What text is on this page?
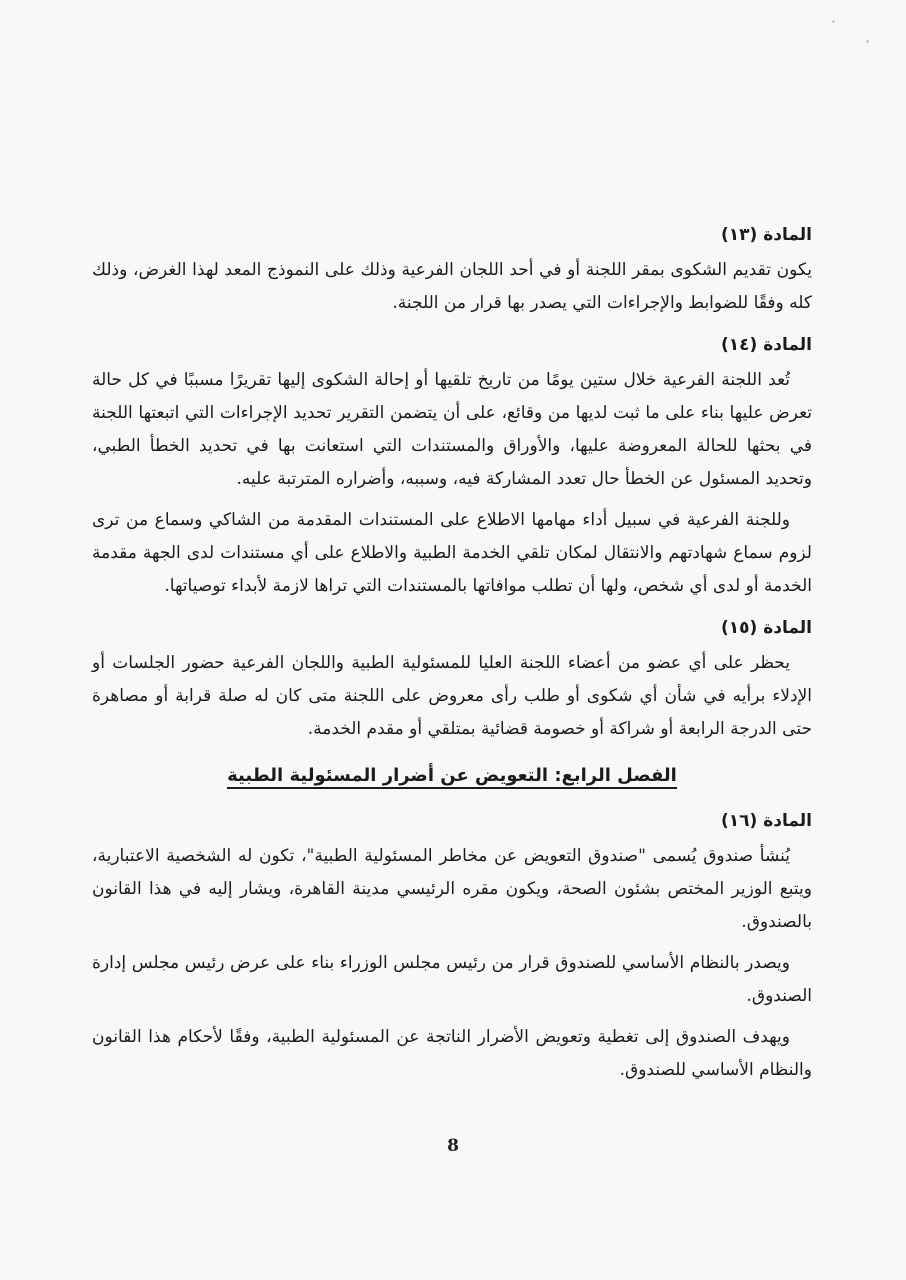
المادة (١٣)

يكون تقديم الشكوى بمقر اللجنة أو في أحد اللجان الفرعية وذلك على النموذج المعد لهذا الغرض، وذلك كله وفقًا للضوابط والإجراءات التي يصدر بها قرار من اللجنة.

المادة (١٤)

تُعد اللجنة الفرعية خلال ستين يومًا من تاريخ تلقيها أو إحالة الشكوى إليها تقريرًا مسببًا في كل حالة تعرض عليها بناء على ما ثبت لديها من وقائع، على أن يتضمن التقرير تحديد الإجراءات التي اتبعتها اللجنة في بحثها للحالة المعروضة عليها، والأوراق والمستندات التي استعانت بها في تحديد الخطأ الطبي، وتحديد المسئول عن الخطأ حال تعدد المشاركة فيه، وسببه، وأضراره المترتبة عليه.

وللجنة الفرعية في سبيل أداء مهامها الاطلاع على المستندات المقدمة من الشاكي وسماع من ترى لزوم سماع شهادتهم والانتقال لمكان تلقي الخدمة الطبية والاطلاع على أي مستندات لدى الجهة مقدمة الخدمة أو لدى أي شخص، ولها أن تطلب موافاتها بالمستندات التي تراها لازمة لأبداء توصياتها.

المادة (١٥)

يحظر على أي عضو من أعضاء اللجنة العليا للمسئولية الطبية واللجان الفرعية حضور الجلسات أو الإدلاء برأيه في شأن أي شكوى أو طلب رأى معروض على اللجنة متى كان له صلة قرابة أو مصاهرة حتى الدرجة الرابعة أو شراكة أو خصومة قضائية بمتلقي أو مقدم الخدمة.

الفصل الرابع: التعويض عن أضرار المسئولية الطبية
المادة (١٦)

يُنشأ صندوق يُسمى "صندوق التعويض عن مخاطر المسئولية الطبية"، تكون له الشخصية الاعتبارية، ويتبع الوزير المختص بشئون الصحة، ويكون مقره الرئيسي مدينة القاهرة، ويشار إليه في هذا القانون بالصندوق.

ويصدر بالنظام الأساسي للصندوق قرار من رئيس مجلس الوزراء بناء على عرض رئيس مجلس إدارة الصندوق.

ويهدف الصندوق إلى تغطية وتعويض الأضرار الناتجة عن المسئولية الطبية، وفقًا لأحكام هذا القانون والنظام الأساسي للصندوق.

8
